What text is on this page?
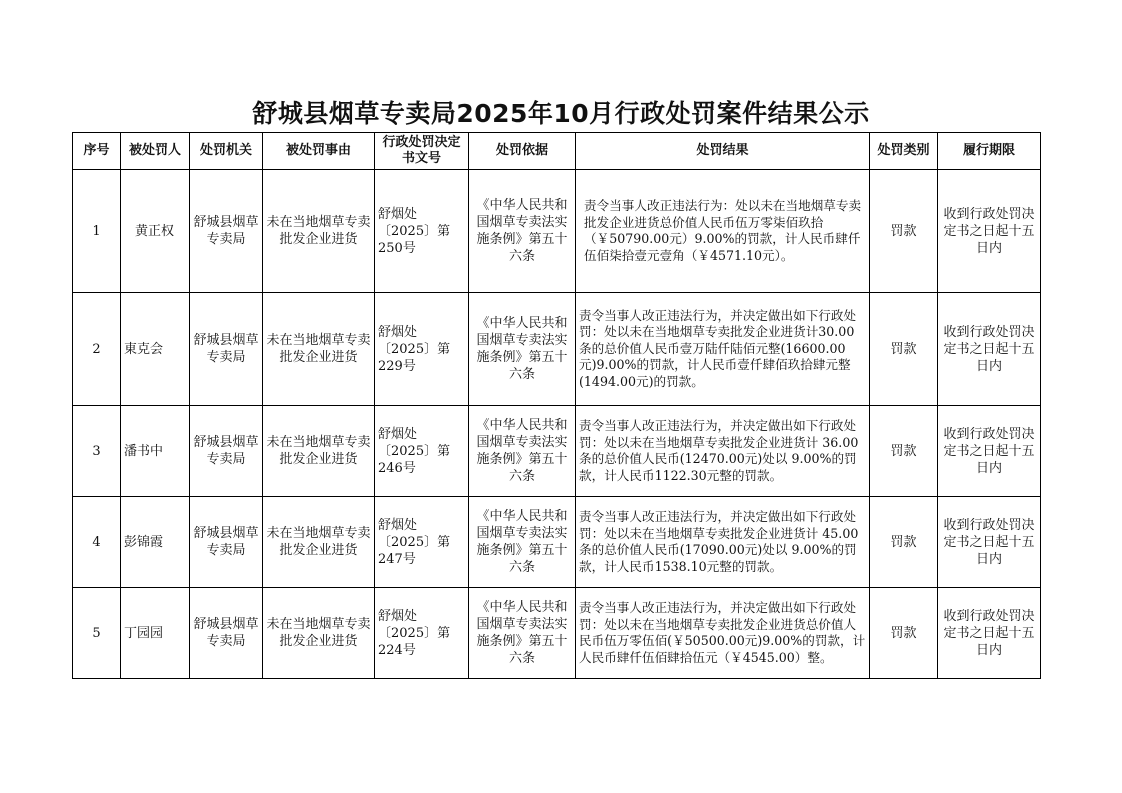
舒城县烟草专卖局2025年10月行政处罚案件结果公示
序号	被处罚人	处罚机关	被处罚事由	行政处罚决定书文号	处罚依据	处罚结果	处罚类别	履行期限
1	黄正权	舒城县烟草专卖局	未在当地烟草专卖批发企业进货	舒烟处〔2025〕第250号	《中华人民共和国烟草专卖法实施条例》第五十六条	责令当事人改正违法行为：处以未在当地烟草专卖批发企业进货总价值人民币伍万零柒佰玖拾（￥50790.00元）9.00%的罚款，计人民币肆仟伍佰柒拾壹元壹角（￥4571.10元）。	罚款	收到行政处罚决定书之日起十五日内
2	東克会	舒城县烟草专卖局	未在当地烟草专卖批发企业进货	舒烟处〔2025〕第229号	《中华人民共和国烟草专卖法实施条例》第五十六条	责令当事人改正违法行为，并决定做出如下行政处罚：处以未在当地烟草专卖批发企业进货计30.00条的总价值人民币壹万陆仟陆佰元整(16600.00元)9.00%的罚款，计人民币壹仟肆佰玖拾肆元整(1494.00元)的罚款。	罚款	收到行政处罚决定书之日起十五日内
3	潘书中	舒城县烟草专卖局	未在当地烟草专卖批发企业进货	舒烟处〔2025〕第246号	《中华人民共和国烟草专卖法实施条例》第五十六条	责令当事人改正违法行为，并决定做出如下行政处罚：处以未在当地烟草专卖批发企业进货计 36.00条的总价值人民币(12470.00元)处以 9.00%的罚款，计人民币1122.30元整的罚款。	罚款	收到行政处罚决定书之日起十五日内
4	彭锦霞	舒城县烟草专卖局	未在当地烟草专卖批发企业进货	舒烟处〔2025〕第247号	《中华人民共和国烟草专卖法实施条例》第五十六条	责令当事人改正违法行为，并决定做出如下行政处罚：处以未在当地烟草专卖批发企业进货计 45.00条的总价值人民币(17090.00元)处以 9.00%的罚款，计人民币1538.10元整的罚款。	罚款	收到行政处罚决定书之日起十五日内
5	丁园园	舒城县烟草专卖局	未在当地烟草专卖批发企业进货	舒烟处〔2025〕第224号	《中华人民共和国烟草专卖法实施条例》第五十六条	责令当事人改正违法行为，并决定做出如下行政处罚：处以未在当地烟草专卖批发企业进货总价值人民币伍万零伍佰(￥50500.00元)9.00%的罚款，计人民币肆仟伍佰肆拾伍元（￥4545.00）整。	罚款	收到行政处罚决定书之日起十五日内
